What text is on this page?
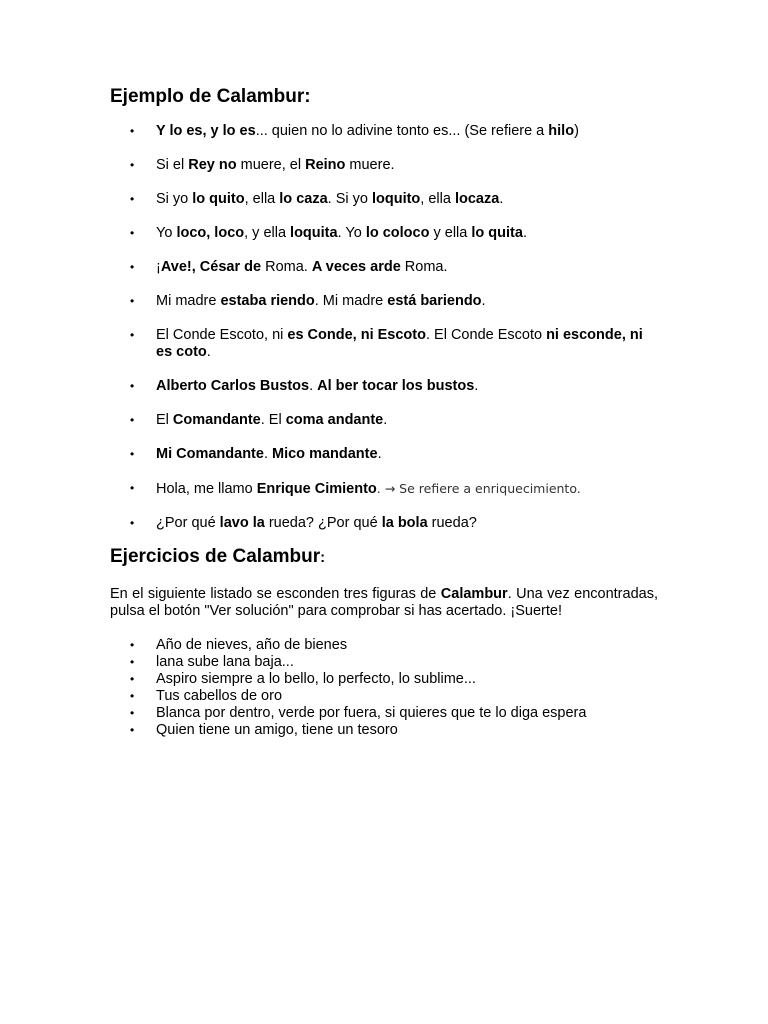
Ejemplo de Calambur:
• Y lo es, y lo es... quien no lo adivine tonto es... (Se refiere a hilo)
• Si el Rey no muere, el Reino muere.
• Si yo lo quito, ella lo caza. Si yo loquito, ella locaza.
• Yo loco, loco, y ella loquita. Yo lo coloco y ella lo quita.
• ¡Ave!, César de Roma. A veces arde Roma.
• Mi madre estaba riendo. Mi madre está bariendo.
• El Conde Escoto, ni es Conde, ni Escoto. El Conde Escoto ni esconde, ni es coto.
• Alberto Carlos Bustos. Al ber tocar los bustos.
• El Comandante. El coma andante.
• Mi Comandante. Mico mandante.
• Hola, me llamo Enrique Cimiento. → Se refiere a enriquecimiento.
• ¿Por qué lavo la rueda? ¿Por qué la bola rueda?
Ejercicios de Calambur:

En el siguiente listado se esconden tres figuras de Calambur. Una vez encontradas, pulsa el botón "Ver solución" para comprobar si has acertado. ¡Suerte!

• Año de nieves, año de bienes
• lana sube lana baja...
• Aspiro siempre a lo bello, lo perfecto, lo sublime...
• Tus cabellos de oro
• Blanca por dentro, verde por fuera, si quieres que te lo diga espera
• Quien tiene un amigo, tiene un tesoro
